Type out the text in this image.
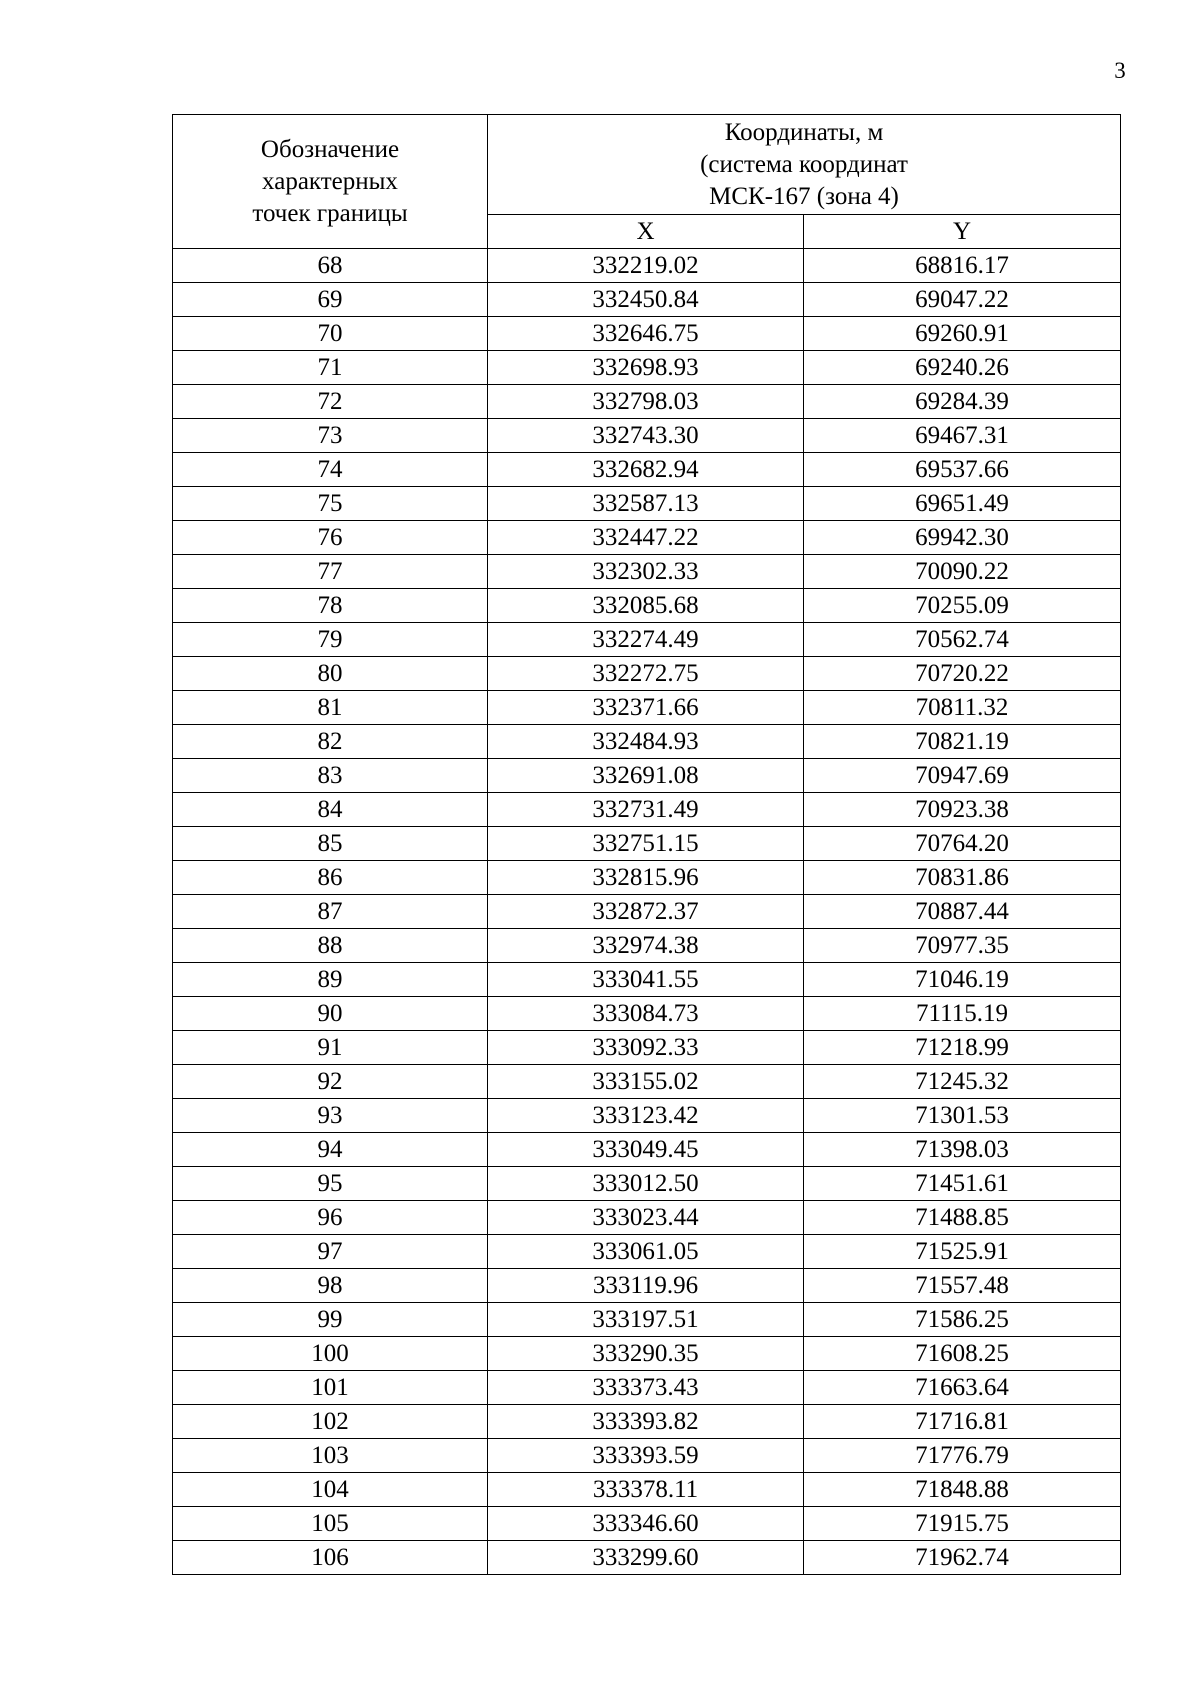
3
Обозначение
характерных
точек границы	Координаты, м
(система координат
МСК-167 (зона 4)	

	X	Y
68	332219.02	68816.17
69	332450.84	69047.22
70	332646.75	69260.91
71	332698.93	69240.26
72	332798.03	69284.39
73	332743.30	69467.31
74	332682.94	69537.66
75	332587.13	69651.49
76	332447.22	69942.30
77	332302.33	70090.22
78	332085.68	70255.09
79	332274.49	70562.74
80	332272.75	70720.22
81	332371.66	70811.32
82	332484.93	70821.19
83	332691.08	70947.69
84	332731.49	70923.38
85	332751.15	70764.20
86	332815.96	70831.86
87	332872.37	70887.44
88	332974.38	70977.35
89	333041.55	71046.19
90	333084.73	71115.19
91	333092.33	71218.99
92	333155.02	71245.32
93	333123.42	71301.53
94	333049.45	71398.03
95	333012.50	71451.61
96	333023.44	71488.85
97	333061.05	71525.91
98	333119.96	71557.48
99	333197.51	71586.25
100	333290.35	71608.25
101	333373.43	71663.64
102	333393.82	71716.81
103	333393.59	71776.79
104	333378.11	71848.88
105	333346.60	71915.75
106	333299.60	71962.74
